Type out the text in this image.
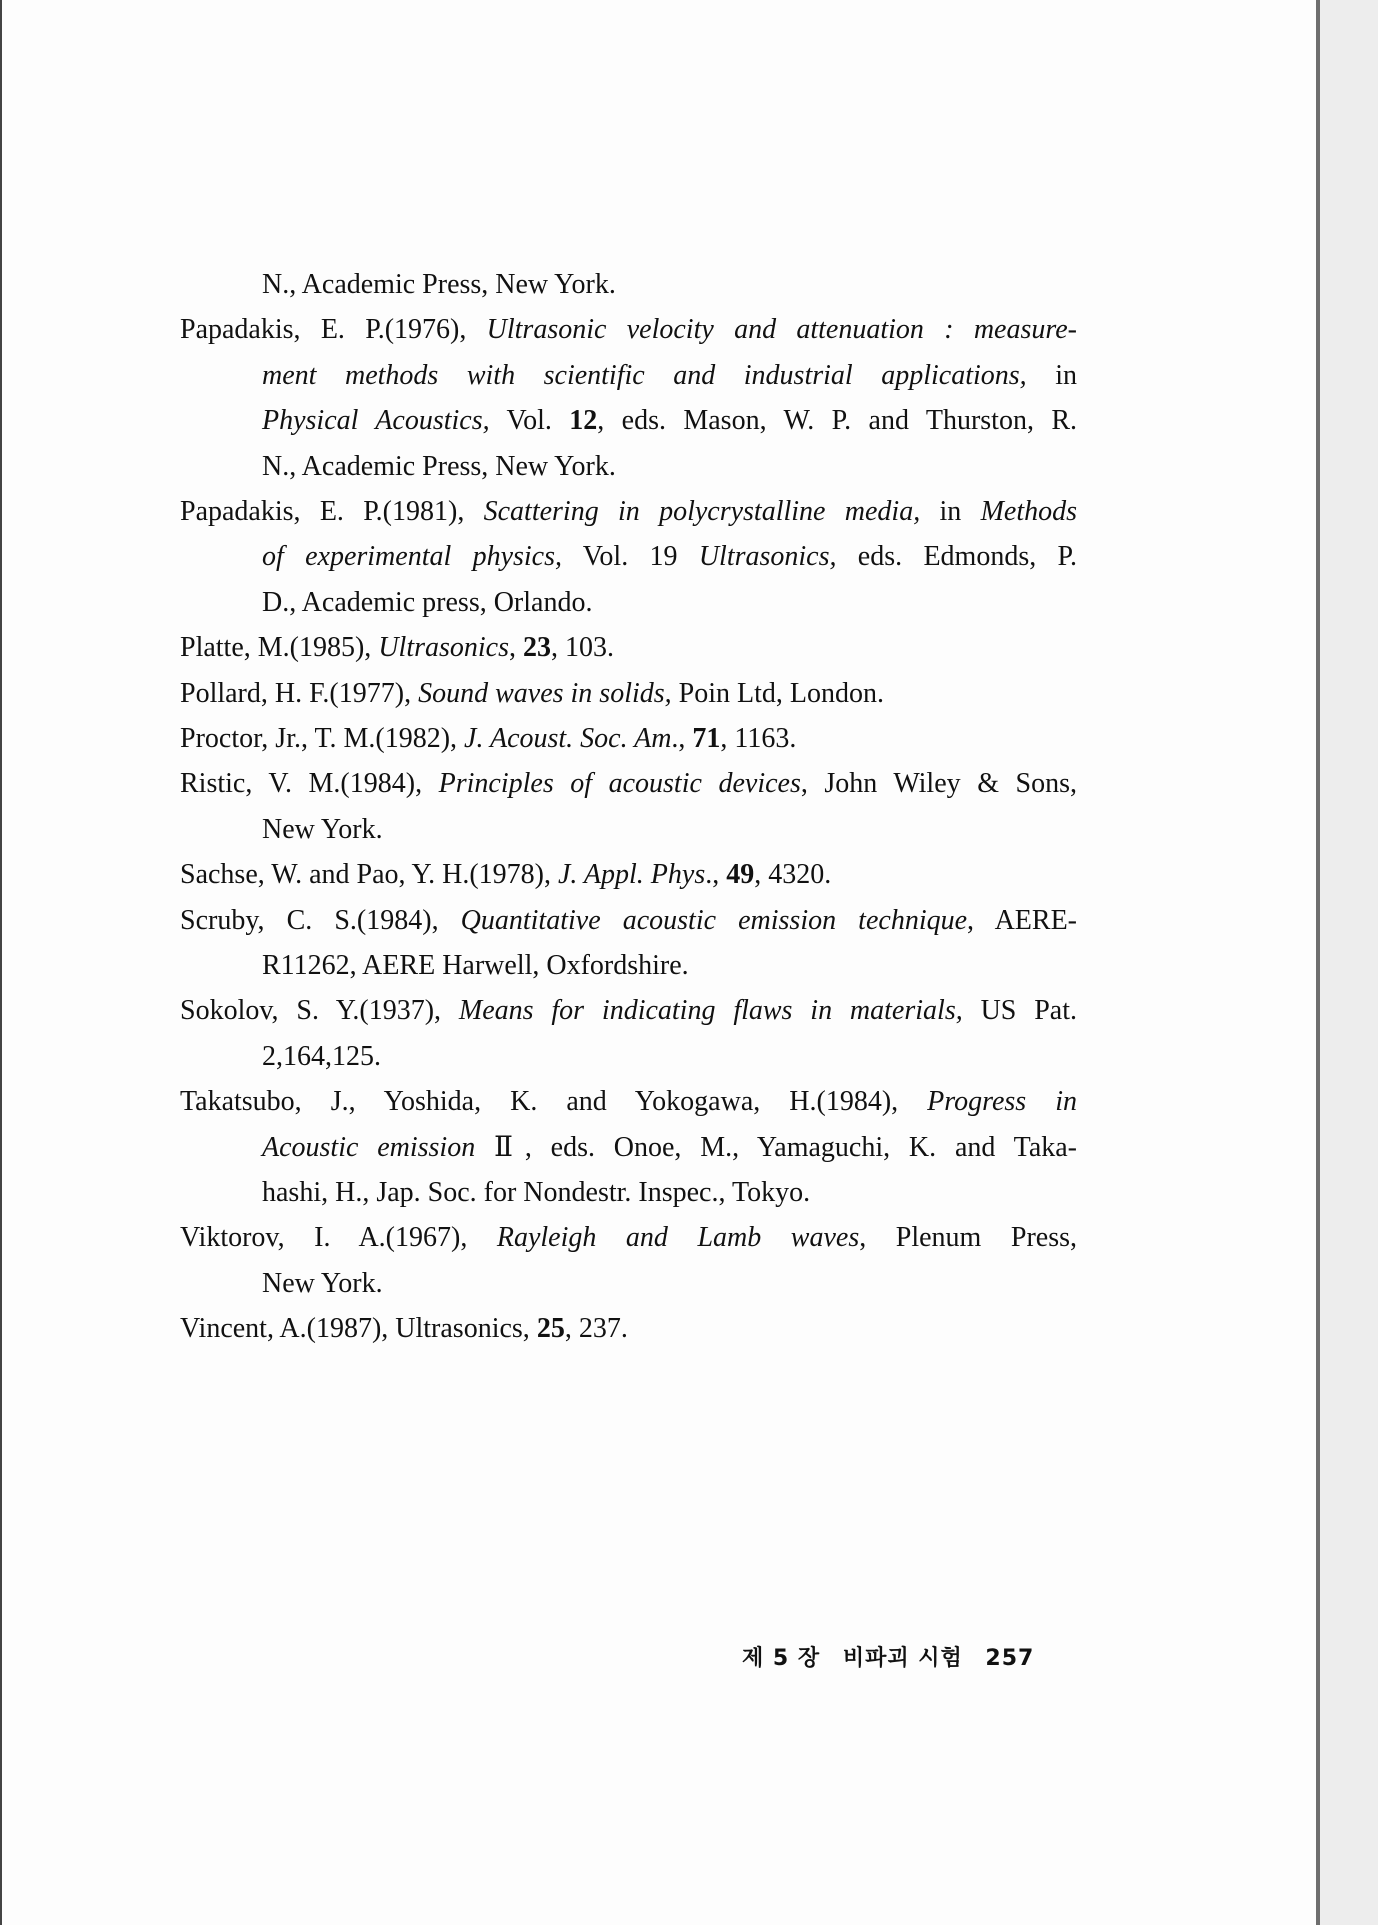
N., Academic Press, New York.
Papadakis, E. P.(1976), Ultrasonic velocity and attenuation : measure-
ment methods with scientific and industrial applications, in
Physical Acoustics, Vol. 12, eds. Mason, W. P. and Thurston, R.
N., Academic Press, New York.
Papadakis, E. P.(1981), Scattering in polycrystalline media, in Methods
of experimental physics, Vol. 19 Ultrasonics, eds. Edmonds, P.
D., Academic press, Orlando.
Platte, M.(1985), Ultrasonics, 23, 103.
Pollard, H. F.(1977), Sound waves in solids, Poin Ltd, London.
Proctor, Jr., T. M.(1982), J. Acoust. Soc. Am., 71, 1163.
Ristic, V. M.(1984), Principles of acoustic devices, John Wiley & Sons,
New York.
Sachse, W. and Pao, Y. H.(1978), J. Appl. Phys., 49, 4320.
Scruby, C. S.(1984), Quantitative acoustic emission technique, AERE-
R11262, AERE Harwell, Oxfordshire.
Sokolov, S. Y.(1937), Means for indicating flaws in materials, US Pat.
2,164,125.
Takatsubo, J., Yoshida, K. and Yokogawa, H.(1984), Progress in
Acoustic emission Ⅱ, eds. Onoe, M., Yamaguchi, K. and Taka-
hashi, H., Jap. Soc. for Nondestr. Inspec., Tokyo.
Viktorov, I. A.(1967), Rayleigh and Lamb waves, Plenum Press,
New York.
Vincent, A.(1987), Ultrasonics, 25, 237.
제 5 장 비파괴 시험 257
